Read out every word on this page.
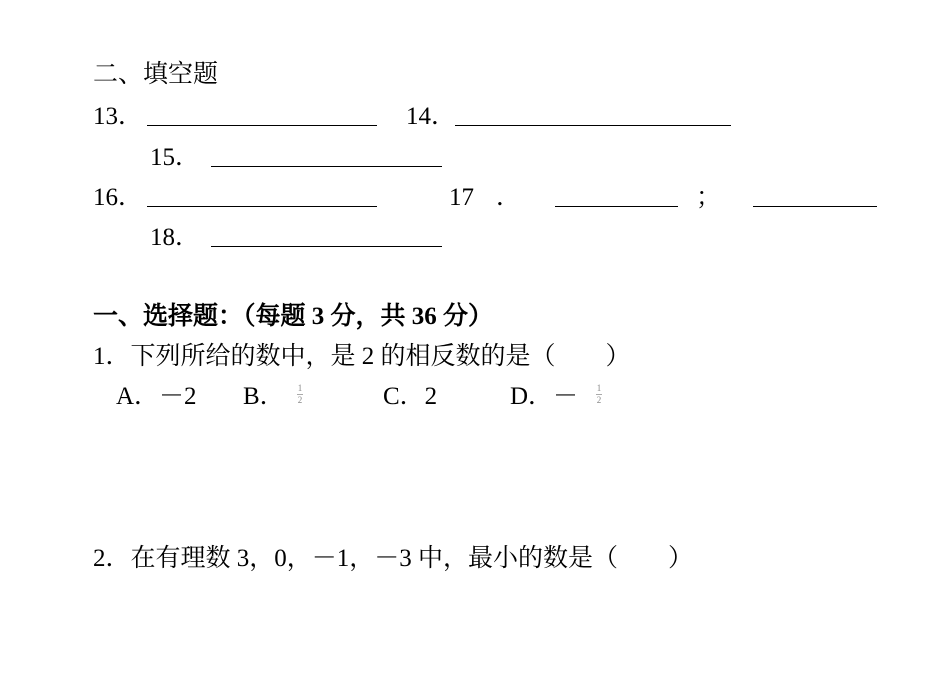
二、填空题
13．	14．
15．
16．	17 ．	；
18．
一、选择题：（每题 3 分，共 36 分）
1．下列所给的数中，是 2 的相反数的是（　　）
A．－2 B． 1
2	C．2	D．－ 1
2
2．在有理数 3，0，－1，－3 中，最小的数是（　　）
